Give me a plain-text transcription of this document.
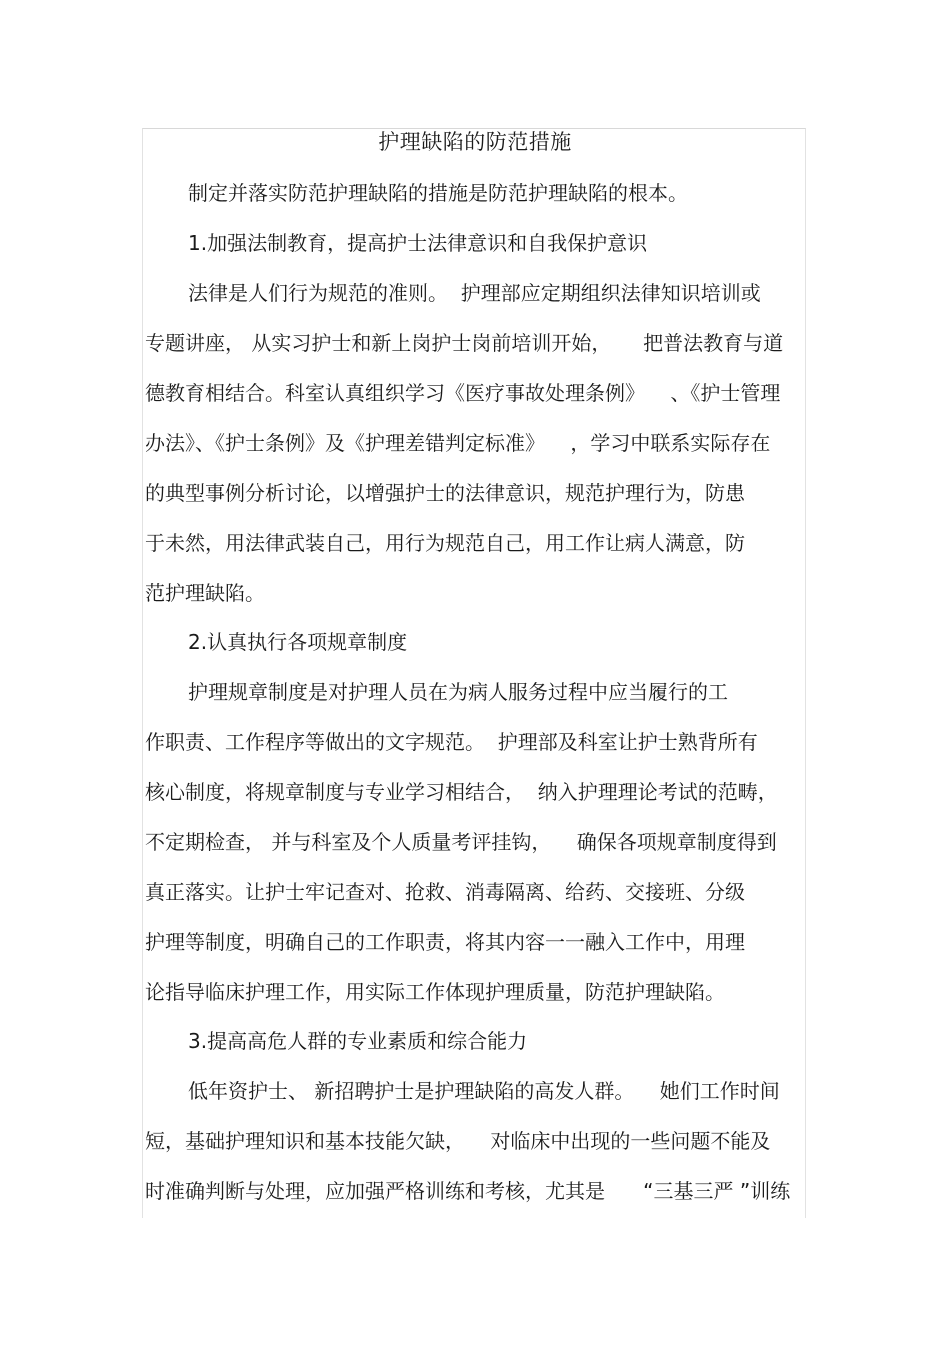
护理缺陷的防范措施
制定并落实防范护理缺陷的措施是防范护理缺陷的根本。
1.加强法制教育，提高护士法律意识和自我保护意识
法律是人们行为规范的准则。  护理部应定期组织法律知识培训或
专题讲座， 从实习护士和新上岗护士岗前培训开始，     把普法教育与道
德教育相结合。科室认真组织学习《医疗事故处理条例》    、《护士管理
办法》、《护士条例》及《护理差错判定标准》    ，学习中联系实际存在
的典型事例分析讨论，以增强护士的法律意识，规范护理行为，防患
于未然，用法律武装自己，用行为规范自己，用工作让病人满意，防
范护理缺陷。
2.认真执行各项规章制度
护理规章制度是对护理人员在为病人服务过程中应当履行的工
作职责、工作程序等做出的文字规范。  护理部及科室让护士熟背所有
核心制度，将规章制度与专业学习相结合，  纳入护理理论考试的范畴，
不定期检查， 并与科室及个人质量考评挂钩，    确保各项规章制度得到
真正落实。让护士牢记查对、抢救、消毒隔离、给药、交接班、分级
护理等制度，明确自己的工作职责，将其内容一一融入工作中，用理
论指导临床护理工作，用实际工作体现护理质量，防范护理缺陷。
3.提高高危人群的专业素质和综合能力
低年资护士、 新招聘护士是护理缺陷的高发人群。    她们工作时间
短，基础护理知识和基本技能欠缺，    对临床中出现的一些问题不能及
时准确判断与处理，应加强严格训练和考核，尤其是      “三基三严 ”训练
